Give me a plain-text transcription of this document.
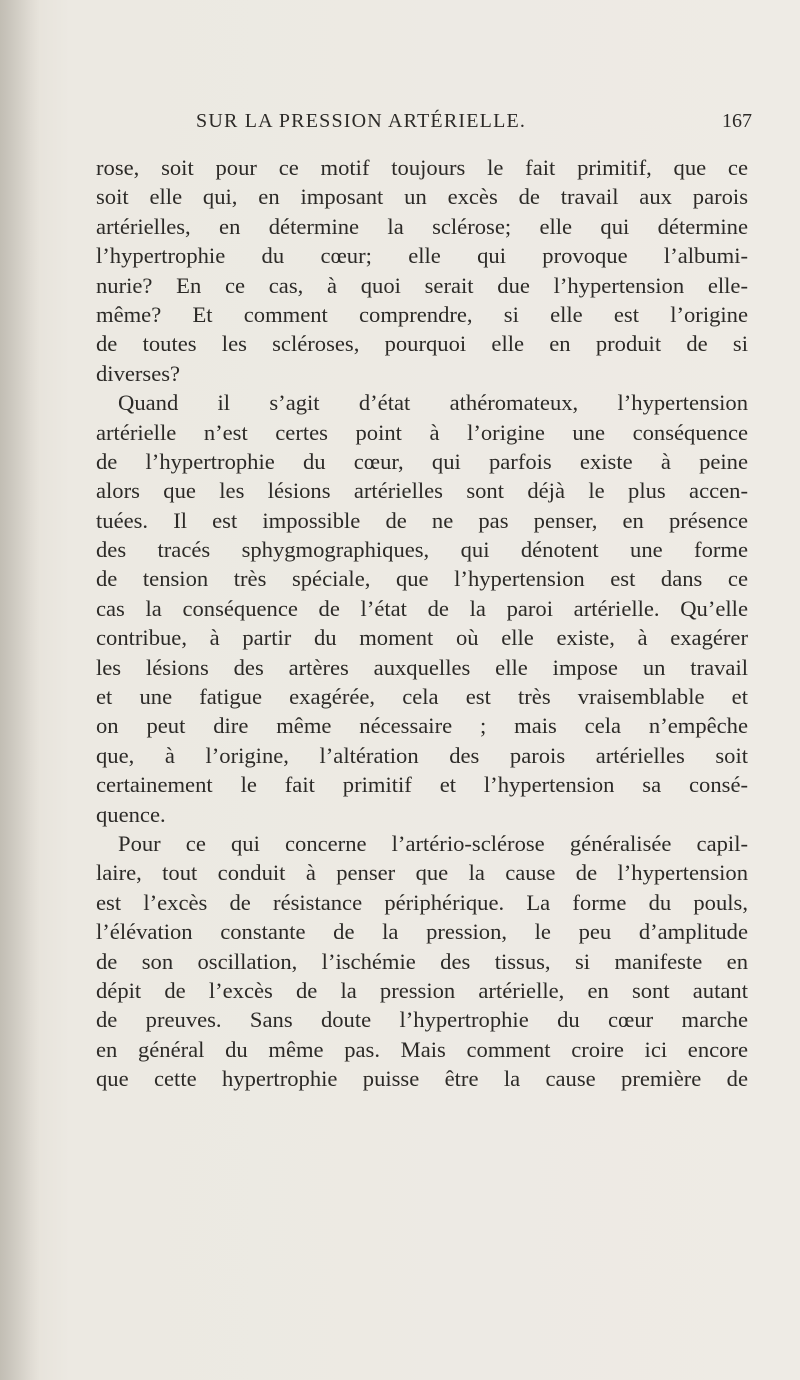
SUR LA PRESSION ARTÉRIELLE.	167
rose, soit pour ce motif toujours le fait primitif, que ce
soit elle qui, en imposant un excès de travail aux parois
artérielles, en détermine la sclérose; elle qui détermine
l’hypertrophie du cœur; elle qui provoque l’albumi-
nurie? En ce cas, à quoi serait due l’hypertension elle-
même? Et comment comprendre, si elle est l’origine
de toutes les scléroses, pourquoi elle en produit de si
diverses?
Quand il s’agit d’état athéromateux, l’hypertension
artérielle n’est certes point à l’origine une conséquence
de l’hypertrophie du cœur, qui parfois existe à peine
alors que les lésions artérielles sont déjà le plus accen-
tuées. Il est impossible de ne pas penser, en présence
des tracés sphygmographiques, qui dénotent une forme
de tension très spéciale, que l’hypertension est dans ce
cas la conséquence de l’état de la paroi artérielle. Qu’elle
contribue, à partir du moment où elle existe, à exagérer
les lésions des artères auxquelles elle impose un travail
et une fatigue exagérée, cela est très vraisemblable et
on peut dire même nécessaire ; mais cela n’empêche
que, à l’origine, l’altération des parois artérielles soit
certainement le fait primitif et l’hypertension sa consé-
quence.
Pour ce qui concerne l’artério-sclérose généralisée capil-
laire, tout conduit à penser que la cause de l’hypertension
est l’excès de résistance périphérique. La forme du pouls,
l’élévation constante de la pression, le peu d’amplitude
de son oscillation, l’ischémie des tissus, si manifeste en
dépit de l’excès de la pression artérielle, en sont autant
de preuves. Sans doute l’hypertrophie du cœur marche
en général du même pas. Mais comment croire ici encore
que cette hypertrophie puisse être la cause première de
